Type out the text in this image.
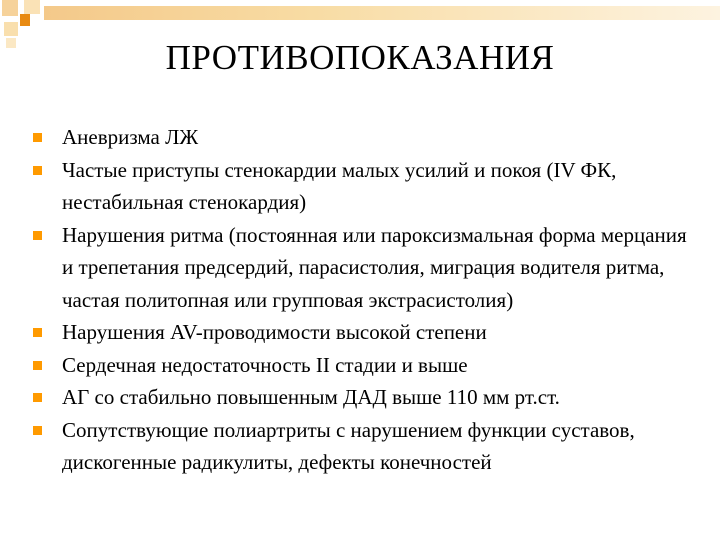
ПРОТИВОПОКАЗАНИЯ
Аневризма ЛЖ
Частые приступы стенокардии малых усилий и покоя (IV ФК, нестабильная стенокардия)
Нарушения ритма (постоянная или пароксизмальная форма мерцания и трепетания предсердий, парасистолия, миграция водителя ритма, частая политопная или групповая экстрасистолия)
Нарушения AV-проводимости высокой степени
Сердечная недостаточность II стадии и выше
АГ со стабильно повышенным ДАД выше 110 мм рт.ст.
Сопутствующие полиартриты с нарушением функции суставов, дискогенные радикулиты, дефекты конечностей
